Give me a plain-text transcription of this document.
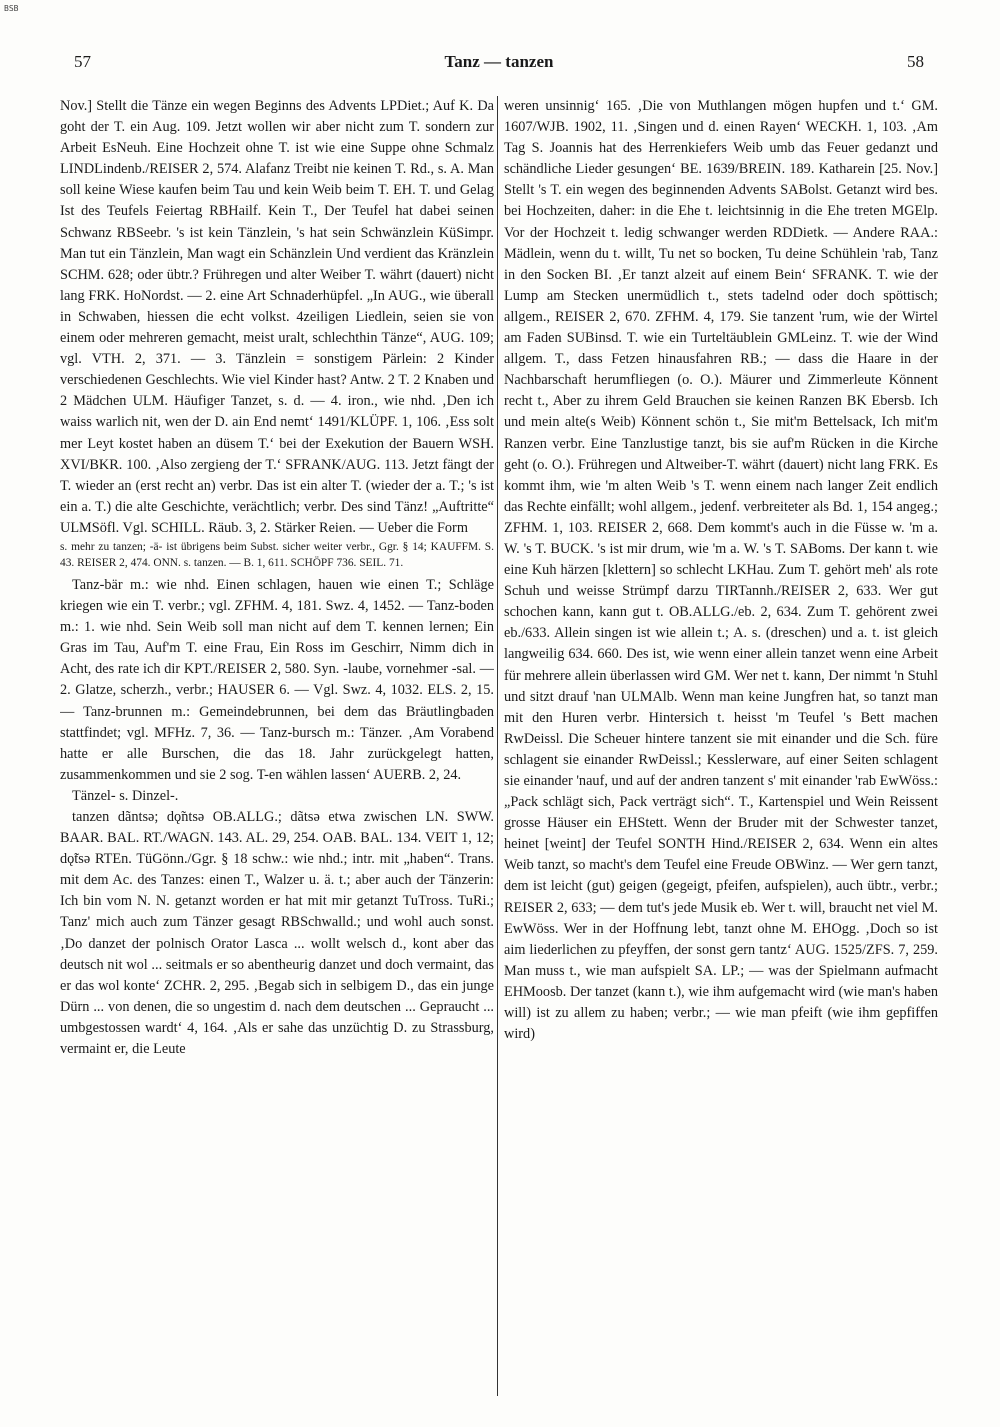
BSB
57	Tanz — tanzen	58

Nov.] Stellt die Tänze ein wegen Beginns des Advents LPDiet.; Auf K. Da goht der T. ein Aug. 109. Jetzt wollen wir aber nicht zum T. sondern zur Arbeit EsNeuh. Eine Hochzeit ohne T. ist wie eine Suppe ohne Schmalz LINDLindenb./REISER 2, 574. Alafanz Treibt nie keinen T. Rd., s. A. Man soll keine Wiese kaufen beim Tau und kein Weib beim T. EH. T. und Gelag Ist des Teufels Feiertag RBHailf. Kein T., Der Teufel hat dabei seinen Schwanz RBSeebr. 's ist kein Tänzlein, 's hat sein Schwänzlein KüSimpr. Man tut ein Tänzlein, Man wagt ein Schänzlein Und verdient das Kränzlein SCHM. 628; oder übtr.? Frühregen und alter Weiber T. währt (dauert) nicht lang FRK. HoNordst. — 2. eine Art Schnaderhüpfel. „In AUG., wie überall in Schwaben, hiessen die echt volkst. 4zeiligen Liedlein, seien sie von einem oder mehreren gemacht, meist uralt, schlechthin Tänze“, AUG. 109; vgl. VTH. 2, 371. — 3. Tänzlein = sonstigem Pärlein: 2 Kinder verschiedenen Geschlechts. Wie viel Kinder hast? Antw. 2 T. 2 Knaben und 2 Mädchen ULM. Häufiger Tanzet, s. d. — 4. iron., wie nhd. ‚Den ich waiss warlich nit, wen der D. ain End nemt‘ 1491/KLÜPF. 1, 106. ‚Ess solt mer Leyt kostet haben an düsem T.‘ bei der Exekution der Bauern WSH. XVI/BKR. 100. ‚Also zergieng der T.‘ SFRANK/AUG. 113. Jetzt fängt der T. wieder an (erst recht an) verbr. Das ist ein alter T. (wieder der a. T.; 's ist ein a. T.) die alte Geschichte, verächtlich; verbr. Des sind Tänz! „Auftritte“ ULMSöfl. Vgl. SCHILL. Räub. 3, 2. Stärker Reien. — Ueber die Form

s. mehr zu tanzen; -ä- ist übrigens beim Subst. sicher weiter verbr., Ggr. § 14; KAUFFM. S. 43. REISER 2, 474. ONN. s. tanzen. — B. 1, 611. SCHÖPF 736. SEIL. 71.

Tanz-bär m.: wie nhd. Einen schlagen, hauen wie einen T.; Schläge kriegen wie ein T. verbr.; vgl. ZFHM. 4, 181. Swz. 4, 1452. — Tanz-boden m.: 1. wie nhd. Sein Weib soll man nicht auf dem T. kennen lernen; Ein Gras im Tau, Auf'm T. eine Frau, Ein Ross im Geschirr, Nimm dich in Acht, des rate ich dir KPT./REISER 2, 580. Syn. -laube, vornehmer -sal. — 2. Glatze, scherzh., verbr.; HAUSER 6. — Vgl. Swz. 4, 1032. ELS. 2, 15. — Tanz-brunnen m.: Gemeindebrunnen, bei dem das Bräutlingbaden stattfindet; vgl. MFHz. 7, 36. — Tanz-bursch m.: Tänzer. ‚Am Vorabend hatte er alle Burschen, die das 18. Jahr zurückgelegt hatten, zusammenkommen und sie 2 sog. T-en wählen lassen‘ AUERB. 2, 24.

Tänzel- s. Dinzel-.

tanzen dãntsə; dǫ̃ntsə OB.ALLG.; dãtsə etwa zwischen LN. SWW. BAAR. BAL. RT./WAGN. 143. AL. 29, 254. OAB. BAL. 134. VEIT 1, 12; dǫ̃tsə RTEn. TüGönn./Ggr. § 18 schw.: wie nhd.; intr. mit „haben“. Trans. mit dem Ac. des Tanzes: einen T., Walzer u. ä. t.; aber auch der Tänzerin: Ich bin vom N. N. getanzt worden er hat mit mir getanzt TuTross. TuRi.; Tanz' mich auch zum Tänzer gesagt RBSchwalld.; und wohl auch sonst. ‚Do danzet der polnisch Orator Lasca ... wollt welsch d., kont aber das deutsch nit wol ... seitmals er so abentheurig danzet und doch vermaint, das er das wol konte‘ ZCHR. 2, 295. ‚Begab sich in selbigem D., das ein junge Dürn ... von denen, die so ungestim d. nach dem deutschen ... Gepraucht ... umbgestossen wardt‘ 4, 164. ‚Als er sahe das unzüchtig D. zu Strassburg, vermaint er, die Leute

weren unsinnig‘ 165. ‚Die von Muthlangen mögen hupfen und t.‘ GM. 1607/WJB. 1902, 11. ‚Singen und d. einen Rayen‘ WECKH. 1, 103. ‚Am Tag S. Joannis hat des Herrenkiefers Weib umb das Feuer gedanzt und schändliche Lieder gesungen‘ BE. 1639/BREIN. 189. Katharein [25. Nov.] Stellt 's T. ein wegen des beginnenden Advents SABolst. Getanzt wird bes. bei Hochzeiten, daher: in die Ehe t. leichtsinnig in die Ehe treten MGElp. Vor der Hochzeit t. ledig schwanger werden RDDietk. — Andere RAA.: Mädlein, wenn du t. willt, Tu net so bocken, Tu deine Schühlein 'rab, Tanz in den Socken BI. ‚Er tanzt alzeit auf einem Bein‘ SFRANK. T. wie der Lump am Stecken unermüdlich t., stets tadelnd oder doch spöttisch; allgem., REISER 2, 670. ZFHM. 4, 179. Sie tanzent 'rum, wie der Wirtel am Faden SUBinsd. T. wie ein Turteltäublein GMLeinz. T. wie der Wind allgem. T., dass Fetzen hinausfahren RB.; — dass die Haare in der Nachbarschaft herumfliegen (o. O.). Mäurer und Zimmerleute Könnent recht t., Aber zu ihrem Geld Brauchen sie keinen Ranzen BK Ebersb. Ich und mein alte(s Weib) Könnent schön t., Sie mit'm Bettelsack, Ich mit'm Ranzen verbr. Eine Tanzlustige tanzt, bis sie auf'm Rücken in die Kirche geht (o. O.). Frühregen und Altweiber-T. währt (dauert) nicht lang FRK. Es kommt ihm, wie 'm alten Weib 's T. wenn einem nach langer Zeit endlich das Rechte einfällt; wohl allgem., jedenf. verbreiteter als Bd. 1, 154 angeg.; ZFHM. 1, 103. REISER 2, 668. Dem kommt's auch in die Füsse w. 'm a. W. 's T. BUCK. 's ist mir drum, wie 'm a. W. 's T. SABoms. Der kann t. wie eine Kuh härzen [klettern] so schlecht LKHau. Zum T. gehört meh' als rote Schuh und weisse Strümpf darzu TIRTannh./REISER 2, 633. Wer gut schochen kann, kann gut t. OB.ALLG./eb. 2, 634. Zum T. gehörent zwei eb./633. Allein singen ist wie allein t.; A. s. (dreschen) und a. t. ist gleich langweilig 634. 660. Des ist, wie wenn einer allein tanzet wenn eine Arbeit für mehrere allein überlassen wird GM. Wer net t. kann, Der nimmt 'n Stuhl und sitzt drauf 'nan ULMAlb. Wenn man keine Jungfren hat, so tanzt man mit den Huren verbr. Hintersich t. heisst 'm Teufel 's Bett machen RwDeissl. Die Scheuer hintere tanzent sie mit einander und die Sch. füre schlagent sie einander RwDeissl.; Kesslerware, auf einer Seiten schlagent sie einander 'nauf, und auf der andren tanzent s' mit einander 'rab EwWöss.: „Pack schlägt sich, Pack verträgt sich“. T., Kartenspiel und Wein Reissent grosse Häuser ein EHStett. Wenn der Bruder mit der Schwester tanzet, heinet [weint] der Teufel SONTH Hind./REISER 2, 634. Wenn ein altes Weib tanzt, so macht's dem Teufel eine Freude OBWinz. — Wer gern tanzt, dem ist leicht (gut) geigen (gegeigt, pfeifen, aufspielen), auch übtr., verbr.; REISER 2, 633; — dem tut's jede Musik eb. Wer t. will, braucht net viel M. EwWöss. Wer in der Hoffnung lebt, tanzt ohne M. EHOgg. ‚Doch so ist aim liederlichen zu pfeyffen, der sonst gern tantz‘ AUG. 1525/ZFS. 7, 259. Man muss t., wie man aufspielt SA. LP.; — was der Spielmann aufmacht EHMoosb. Der tanzet (kann t.), wie ihm aufgemacht wird (wie man's haben will) ist zu allem zu haben; verbr.; — wie man pfeift (wie ihm gepfiffen wird)
